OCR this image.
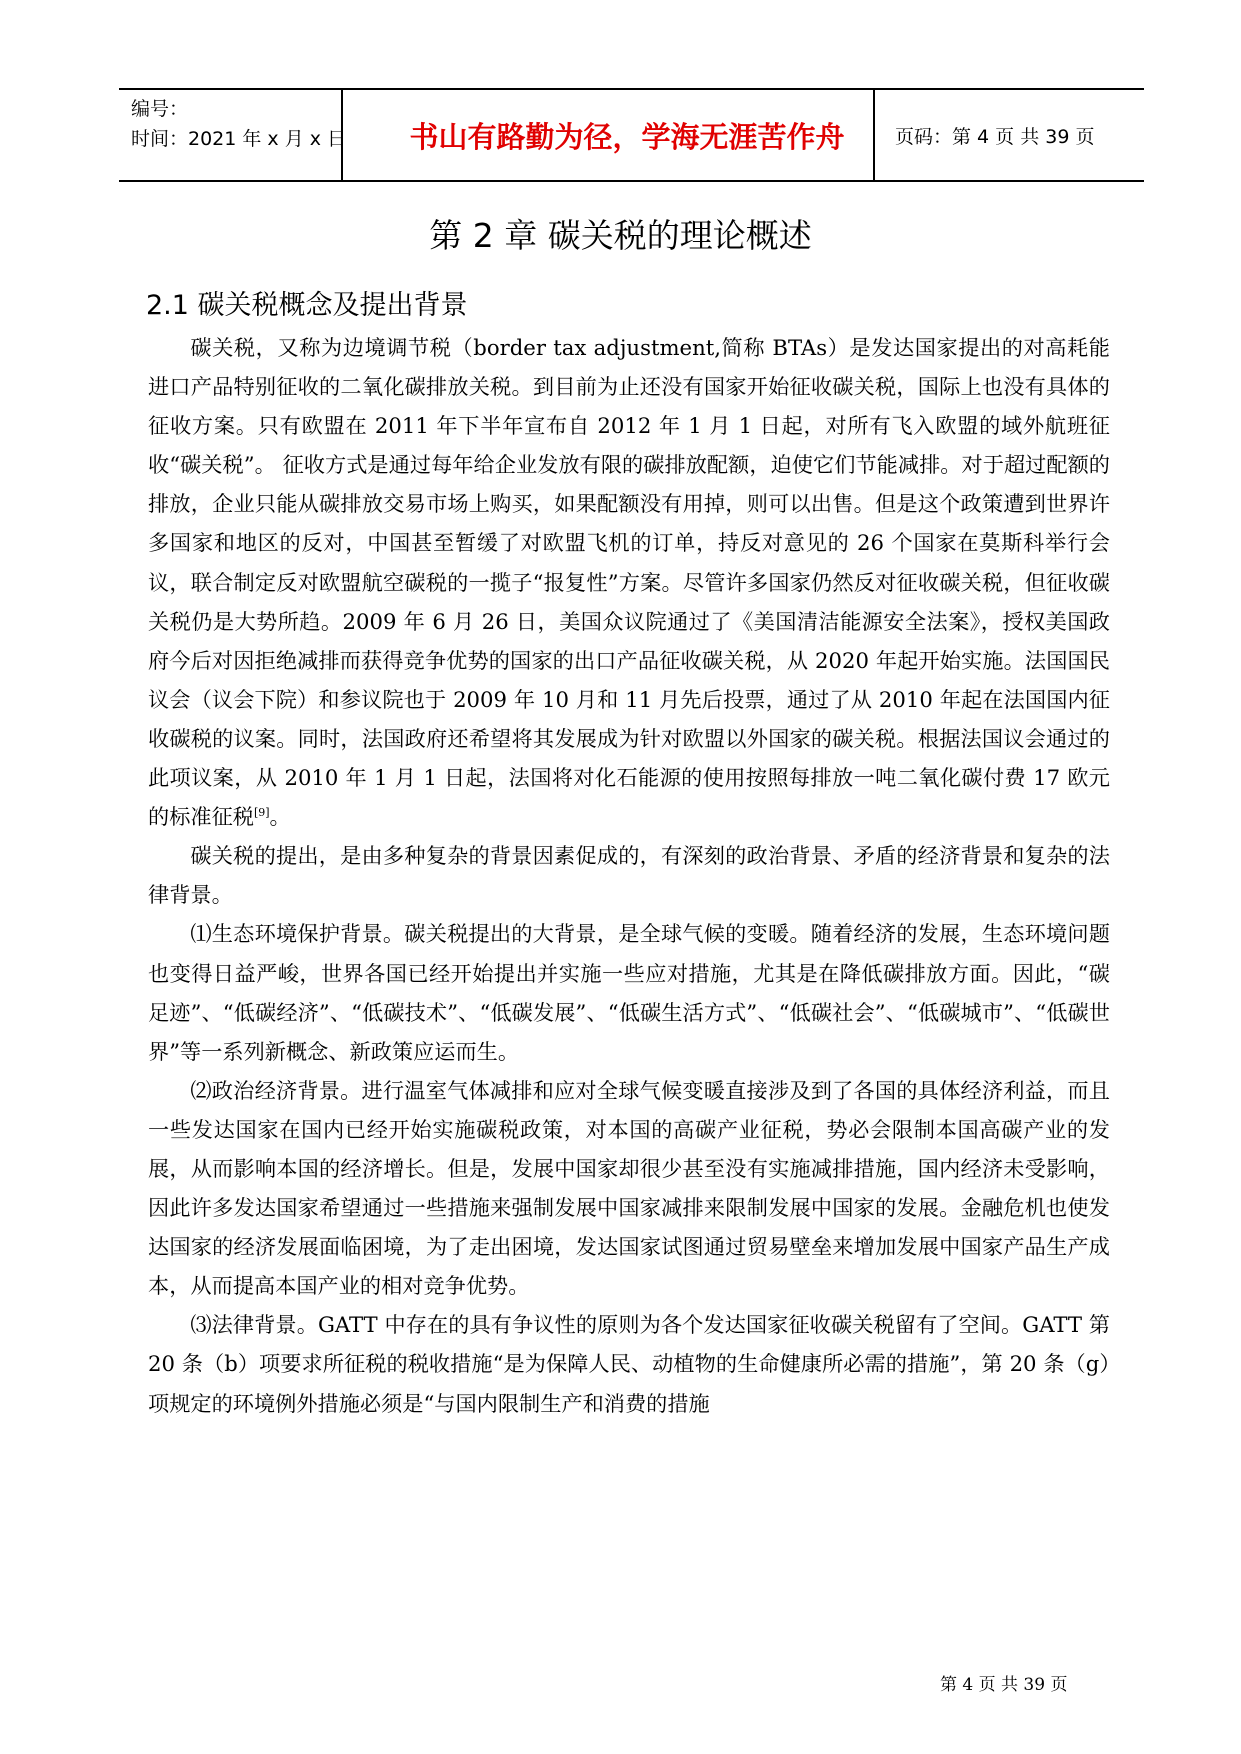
编号：
时间：2021 年 x 月 x 日	书山有路勤为径，学海无涯苦作舟	页码：第 4 页 共 39 页
第 2 章 碳关税的理论概述
2.1 碳关税概念及提出背景

碳关税，又称为边境调节税（border tax adjustment,简称 BTAs）是发达国家提出的对高耗能进口产品特别征收的二氧化碳排放关税。到目前为止还没有国家开始征收碳关税，国际上也没有具体的征收方案。只有欧盟在 2011 年下半年宣布自 2012 年 1 月 1 日起，对所有飞入欧盟的域外航班征收“碳关税”。 征收方式是通过每年给企业发放有限的碳排放配额，迫使它们节能减排。对于超过配额的排放，企业只能从碳排放交易市场上购买，如果配额没有用掉，则可以出售。但是这个政策遭到世界许多国家和地区的反对，中国甚至暂缓了对欧盟飞机的订单，持反对意见的 26 个国家在莫斯科举行会议，联合制定反对欧盟航空碳税的一揽子“报复性”方案。尽管许多国家仍然反对征收碳关税，但征收碳关税仍是大势所趋。2009 年 6 月 26 日，美国众议院通过了《美国清洁能源安全法案》，授权美国政府今后对因拒绝减排而获得竞争优势的国家的出口产品征收碳关税，从 2020 年起开始实施。法国国民议会（议会下院）和参议院也于 2009 年 10 月和 11 月先后投票，通过了从 2010 年起在法国国内征收碳税的议案。同时，法国政府还希望将其发展成为针对欧盟以外国家的碳关税。根据法国议会通过的此项议案，从 2010 年 1 月 1 日起，法国将对化石能源的使用按照每排放一吨二氧化碳付费 17 欧元的标准征税[9]。

碳关税的提出，是由多种复杂的背景因素促成的，有深刻的政治背景、矛盾的经济背景和复杂的法律背景。

⑴生态环境保护背景。碳关税提出的大背景，是全球气候的变暖。随着经济的发展，生态环境问题也变得日益严峻，世界各国已经开始提出并实施一些应对措施，尤其是在降低碳排放方面。因此，“碳足迹”、“低碳经济”、“低碳技术”、“低碳发展”、“低碳生活方式”、“低碳社会”、“低碳城市”、“低碳世界”等一系列新概念、新政策应运而生。

⑵政治经济背景。进行温室气体减排和应对全球气候变暖直接涉及到了各国的具体经济利益，而且一些发达国家在国内已经开始实施碳税政策，对本国的高碳产业征税，势必会限制本国高碳产业的发展，从而影响本国的经济增长。但是，发展中国家却很少甚至没有实施减排措施，国内经济未受影响，因此许多发达国家希望通过一些措施来强制发展中国家减排来限制发展中国家的发展。金融危机也使发达国家的经济发展面临困境，为了走出困境，发达国家试图通过贸易壁垒来增加发展中国家产品生产成本，从而提高本国产业的相对竞争优势。

⑶法律背景。GATT 中存在的具有争议性的原则为各个发达国家征收碳关税留有了空间。GATT 第 20 条（b）项要求所征税的税收措施“是为保障人民、动植物的生命健康所必需的措施”，第 20 条（g）项规定的环境例外措施必须是“与国内限制生产和消费的措施

第 4 页 共 39 页
